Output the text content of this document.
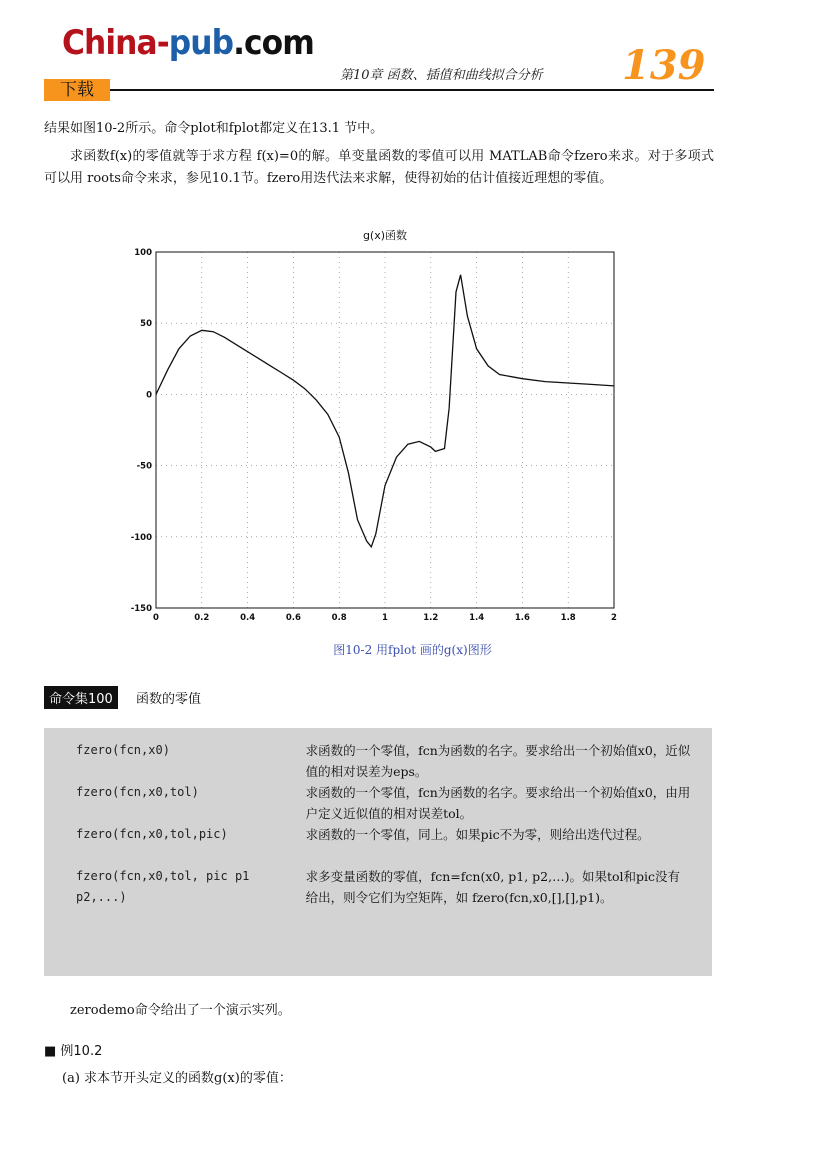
China-pub.com
下载
第10章 函数、插值和曲线拟合分析 139

结果如图10-2所示。命令plot和fplot都定义在13.1 节中。

求函数f(x)的零值就等于求方程 f(x)=0的解。单变量函数的零值可以用 MATLAB命令fzero来求。对于多项式可以用 roots命令来求，参见10.1节。fzero用迭代法来求解，使得初始的估计值接近理想的零值。

g(x)函数
0	0.2	0.4	0.6	0.8	1	1.2	1.4	1.6	1.8	2
100
50
0
-50
-100
-150
图10-2 用fplot 画的g(x)图形
命令集100	函数的零值
fzero(fcn,x0)	求函数的一个零值，fcn为函数的名字。要求给出一个初始值x0，近似值的相对误差为eps。
fzero(fcn,x0,tol)	求函数的一个零值，fcn为函数的名字。要求给出一个初始值x0，由用户定义近似值的相对误差tol。
fzero(fcn,x0,tol,pic)	求函数的一个零值，同上。如果pic不为零，则给出迭代过程。
fzero(fcn,x0,tol, pic p1 p2,...)	求多变量函数的零值，fcn=fcn(x0, p1, p2,…)。如果tol和pic没有给出，则令它们为空矩阵，如 fzero(fcn,x0,[],[],p1)。

zerodemo命令给出了一个演示实列。

■ 例10.2

(a) 求本节开头定义的函数g(x)的零值：
